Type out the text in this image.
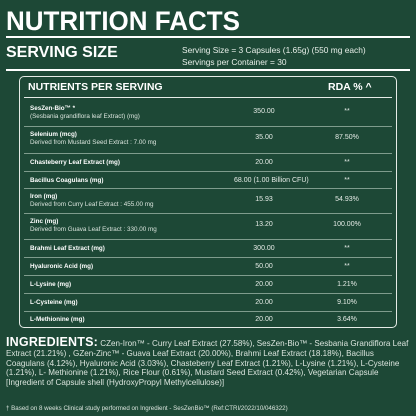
NUTRITION FACTS
SERVING SIZE	Serving Size = 3 Capsules (1.65g) (550 mg each)
Servings per Container = 30
NUTRIENTS PER SERVING	RDA % ^
SesZen-Bio™ *
(Sesbania grandiflora leaf Extract) (mg)
350.00	**
Selenium (mcg)
Derived from Mustard Seed Extract : 7.00 mg
35.00	87.50%
Chasteberry Leaf Extract (mg)	20.00	**
Bacillus Coagulans (mg)	68.00 (1.00 Billion CFU)	**
Iron (mg)
Derived from Curry Leaf Extract : 455.00 mg
15.93	54.93%
Zinc (mg)
Derived from Guava Leaf Extract : 330.00 mg
13.20	100.00%
Brahmi Leaf Extract (mg)	300.00	**
Hyaluronic Acid (mg)	50.00	**
L-Lysine (mg)	20.00	1.21%
L-Cysteine (mg)	20.00	9.10%
L-Methionine (mg)	20.00	3.64%
INGREDIENTS: CZen-Iron™ - Curry Leaf Extract (27.58%), SesZen-Bio™ - Sesbania Grandiflora Leaf Extract (21.21%) , GZen-Zinc™ - Guava Leaf Extract (20.00%), Brahmi Leaf Extract (18.18%), Bacillus Coagulans (4.12%), Hyaluronic Acid (3.03%), Chasteberry Leaf Extract (1.21%), L-Lysine (1.21%), L-Cysteine (1.21%), L- Methionine (1.21%), Rice Flour (0.61%), Mustard Seed Extract (0.42%), Vegetarian Capsule [Ingredient of Capsule shell (HydroxyPropyl Methylcellulose)]
† Based on 8 weeks Clinical study performed on Ingredient - SesZenBio™ (Ref:CTRI/2022/10/046322)
